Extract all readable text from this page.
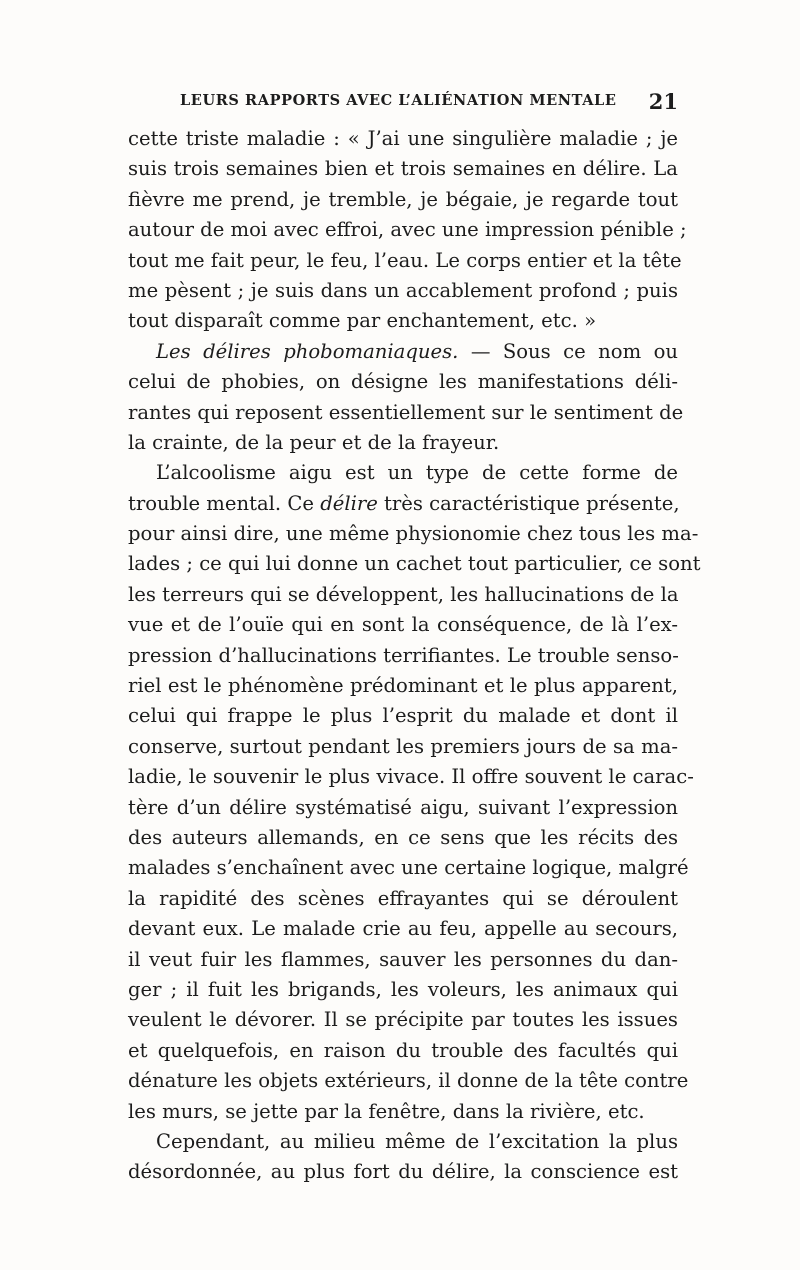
LEURS RAPPORTS AVEC L’ALIÉNATION MENTALE 21
cette triste maladie : « J’ai une singulière maladie ; je
suis trois semaines bien et trois semaines en délire. La
fièvre me prend, je tremble, je bégaie, je regarde tout
autour de moi avec effroi, avec une impression pénible ;
tout me fait peur, le feu, l’eau. Le corps entier et la tête
me pèsent ; je suis dans un accablement profond ; puis
tout disparaît comme par enchantement, etc. »
Les délires phobomaniaques. — Sous ce nom ou
celui de phobies, on désigne les manifestations déli-
rantes qui reposent essentiellement sur le sentiment de
la crainte, de la peur et de la frayeur.
L’alcoolisme aigu est un type de cette forme de
trouble mental. Ce délire très caractéristique présente,
pour ainsi dire, une même physionomie chez tous les ma-
lades ; ce qui lui donne un cachet tout particulier, ce sont
les terreurs qui se développent, les hallucinations de la
vue et de l’ouïe qui en sont la conséquence, de là l’ex-
pression d’hallucinations terrifiantes. Le trouble senso-
riel est le phénomène prédominant et le plus apparent,
celui qui frappe le plus l’esprit du malade et dont il
conserve, surtout pendant les premiers jours de sa ma-
ladie, le souvenir le plus vivace. Il offre souvent le carac-
tère d’un délire systématisé aigu, suivant l’expression
des auteurs allemands, en ce sens que les récits des
malades s’enchaînent avec une certaine logique, malgré
la rapidité des scènes effrayantes qui se déroulent
devant eux. Le malade crie au feu, appelle au secours,
il veut fuir les flammes, sauver les personnes du dan-
ger ; il fuit les brigands, les voleurs, les animaux qui
veulent le dévorer. Il se précipite par toutes les issues
et quelquefois, en raison du trouble des facultés qui
dénature les objets extérieurs, il donne de la tête contre
les murs, se jette par la fenêtre, dans la rivière, etc.
Cependant, au milieu même de l’excitation la plus
désordonnée, au plus fort du délire, la conscience est
